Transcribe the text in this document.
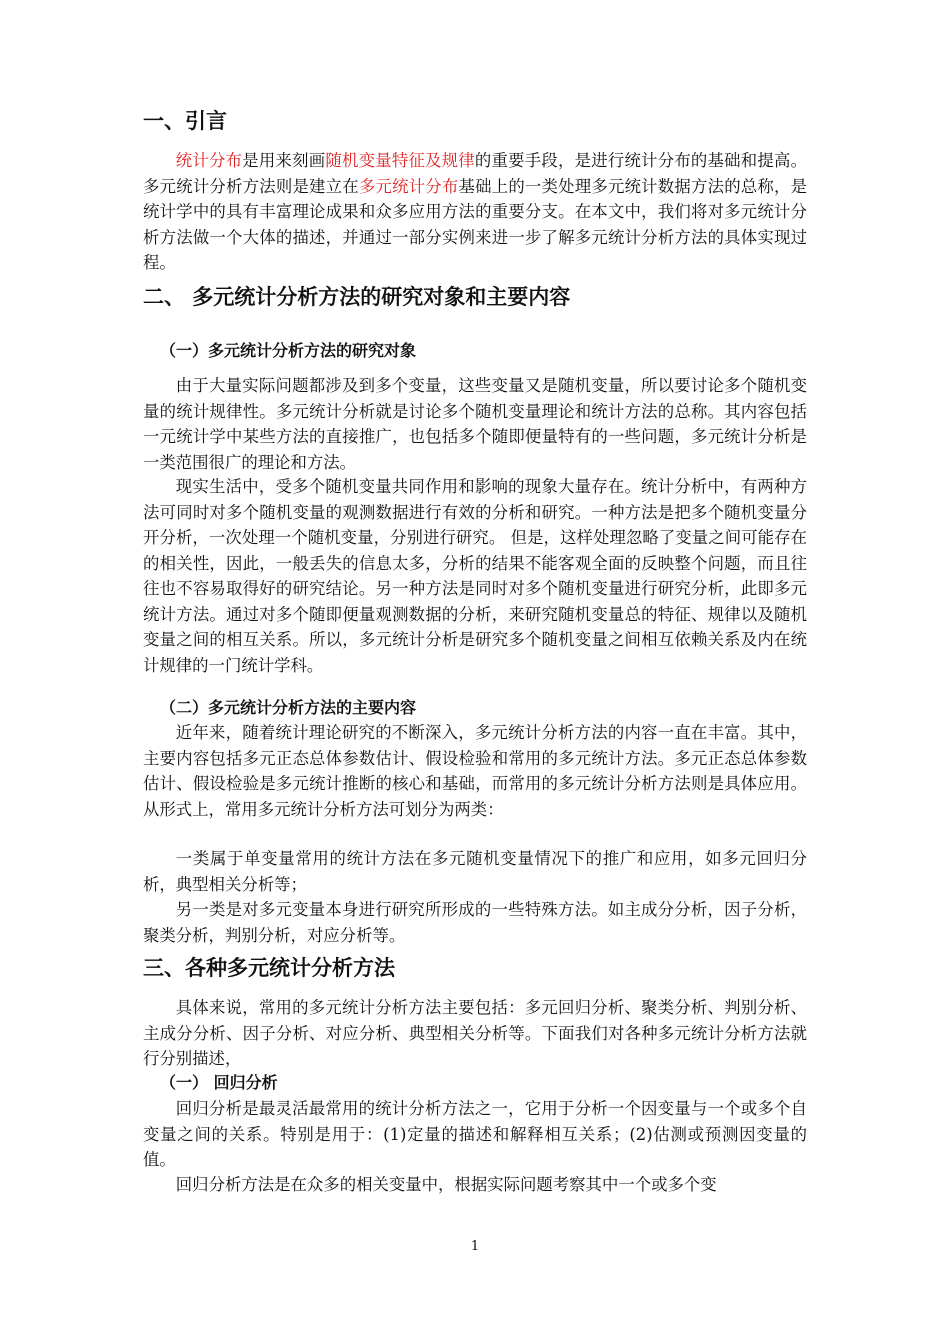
一、引言

统计分布是用来刻画随机变量特征及规律的重要手段，是进行统计分布的基础和提高。多元统计分析方法则是建立在多元统计分布基础上的一类处理多元统计数据方法的总称，是统计学中的具有丰富理论成果和众多应用方法的重要分支。在本文中，我们将对多元统计分析方法做一个大体的描述，并通过一部分实例来进一步了解多元统计分析方法的具体实现过程。

二、 多元统计分析方法的研究对象和主要内容
（一）多元统计分析方法的研究对象

由于大量实际问题都涉及到多个变量，这些变量又是随机变量，所以要讨论多个随机变量的统计规律性。多元统计分析就是讨论多个随机变量理论和统计方法的总称。其内容包括一元统计学中某些方法的直接推广，也包括多个随即便量特有的一些问题，多元统计分析是一类范围很广的理论和方法。

现实生活中，受多个随机变量共同作用和影响的现象大量存在。统计分析中，有两种方法可同时对多个随机变量的观测数据进行有效的分析和研究。一种方法是把多个随机变量分开分析，一次处理一个随机变量，分别进行研究。 但是，这样处理忽略了变量之间可能存在的相关性，因此，一般丢失的信息太多，分析的结果不能客观全面的反映整个问题，而且往往也不容易取得好的研究结论。另一种方法是同时对多个随机变量进行研究分析，此即多元统计方法。通过对多个随即便量观测数据的分析，来研究随机变量总的特征、规律以及随机变量之间的相互关系。所以，多元统计分析是研究多个随机变量之间相互依赖关系及内在统计规律的一门统计学科。

（二）多元统计分析方法的主要内容

近年来，随着统计理论研究的不断深入，多元统计分析方法的内容一直在丰富。其中，主要内容包括多元正态总体参数估计、假设检验和常用的多元统计方法。多元正态总体参数估计、假设检验是多元统计推断的核心和基础，而常用的多元统计分析方法则是具体应用。从形式上，常用多元统计分析方法可划分为两类：

一类属于单变量常用的统计方法在多元随机变量情况下的推广和应用，如多元回归分析，典型相关分析等；

另一类是对多元变量本身进行研究所形成的一些特殊方法。如主成分分析，因子分析，聚类分析，判别分析，对应分析等。

三、各种多元统计分析方法

具体来说，常用的多元统计分析方法主要包括：多元回归分析、聚类分析、判别分析、主成分分析、因子分析、对应分析、典型相关分析等。下面我们对各种多元统计分析方法就行分别描述，

（一） 回归分析

回归分析是最灵活最常用的统计分析方法之一，它用于分析一个因变量与一个或多个自变量之间的关系。特别是用于：(1)定量的描述和解释相互关系；(2)估测或预测因变量的值。

回归分析方法是在众多的相关变量中，根据实际问题考察其中一个或多个变

1
